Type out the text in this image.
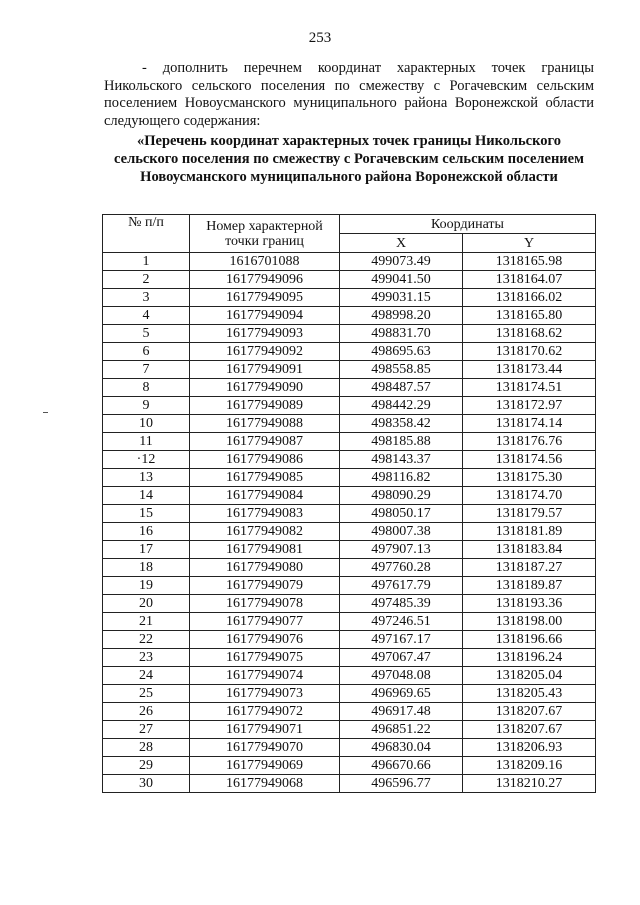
253
- дополнить перечнем координат характерных точек границы Никольского сельского поселения по смежеству с Рогачевским сельским поселением Новоусманского муниципального района Воронежской области следующего содержания:
«Перечень координат характерных точек границы Никольского сельского поселения по смежеству с Рогачевским сельским поселением Новоусманского муниципального района Воронежской области
№ п/п	Номер характерной точки границ	Координаты	
		X	Y
1	1616701088	499073.49	1318165.98
2	16177949096	499041.50	1318164.07
3	16177949095	499031.15	1318166.02
4	16177949094	498998.20	1318165.80
5	16177949093	498831.70	1318168.62
6	16177949092	498695.63	1318170.62
7	16177949091	498558.85	1318173.44
8	16177949090	498487.57	1318174.51
9	16177949089	498442.29	1318172.97
10	16177949088	498358.42	1318174.14
11	16177949087	498185.88	1318176.76
·12	16177949086	498143.37	1318174.56
13	16177949085	498116.82	1318175.30
14	16177949084	498090.29	1318174.70
15	16177949083	498050.17	1318179.57
16	16177949082	498007.38	1318181.89
17	16177949081	497907.13	1318183.84
18	16177949080	497760.28	1318187.27
19	16177949079	497617.79	1318189.87
20	16177949078	497485.39	1318193.36
21	16177949077	497246.51	1318198.00
22	16177949076	497167.17	1318196.66
23	16177949075	497067.47	1318196.24
24	16177949074	497048.08	1318205.04
25	16177949073	496969.65	1318205.43
26	16177949072	496917.48	1318207.67
27	16177949071	496851.22	1318207.67
28	16177949070	496830.04	1318206.93
29	16177949069	496670.66	1318209.16
30	16177949068	496596.77	1318210.27
